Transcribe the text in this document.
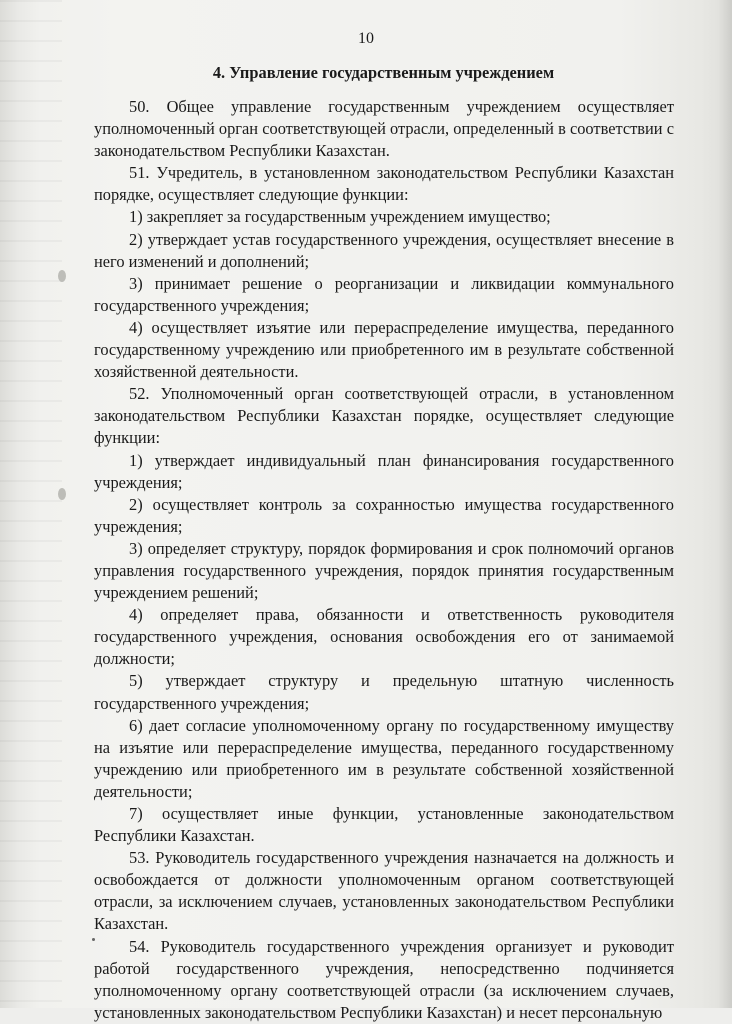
10
4. Управление государственным учреждением

50. Общее управление государственным учреждением осуществляет уполномоченный орган соответствующей отрасли, определенный в соответствии с законодательством Республики Казахстан.

51. Учредитель, в установленном законодательством Республики Казахстан порядке, осуществляет следующие функции:

1) закрепляет за государственным учреждением имущество;

2) утверждает устав государственного учреждения, осуществляет внесение в него изменений и дополнений;

3) принимает решение о реорганизации и ликвидации коммунального государственного учреждения;

4) осуществляет изъятие или перераспределение имущества, переданного государственному учреждению или приобретенного им в результате собственной хозяйственной деятельности.

52. Уполномоченный орган соответствующей отрасли, в установленном законодательством Республики Казахстан порядке, осуществляет следующие функции:

1) утверждает индивидуальный план финансирования государственного учреждения;

2) осуществляет контроль за сохранностью имущества государственного учреждения;

3) определяет структуру, порядок формирования и срок полномочий органов управления государственного учреждения, порядок принятия государственным учреждением решений;

4) определяет права, обязанности и ответственность руководителя государственного учреждения, основания освобождения его от занимаемой должности;

5) утверждает структуру и предельную штатную численность государственного учреждения;

6) дает согласие уполномоченному органу по государственному имуществу на изъятие или перераспределение имущества, переданного государственному учреждению или приобретенного им в результате собственной хозяйственной деятельности;

7) осуществляет иные функции, установленные законодательством Республики Казахстан.

53. Руководитель государственного учреждения назначается на должность и освобождается от должности уполномоченным органом соответствующей отрасли, за исключением случаев, установленных законодательством Республики Казахстан.

54. Руководитель государственного учреждения организует и руководит работой государственного учреждения, непосредственно подчиняется уполномоченному органу соответствующей отрасли (за исключением случаев, установленных законодательством Республики Казахстан) и несет персональную
